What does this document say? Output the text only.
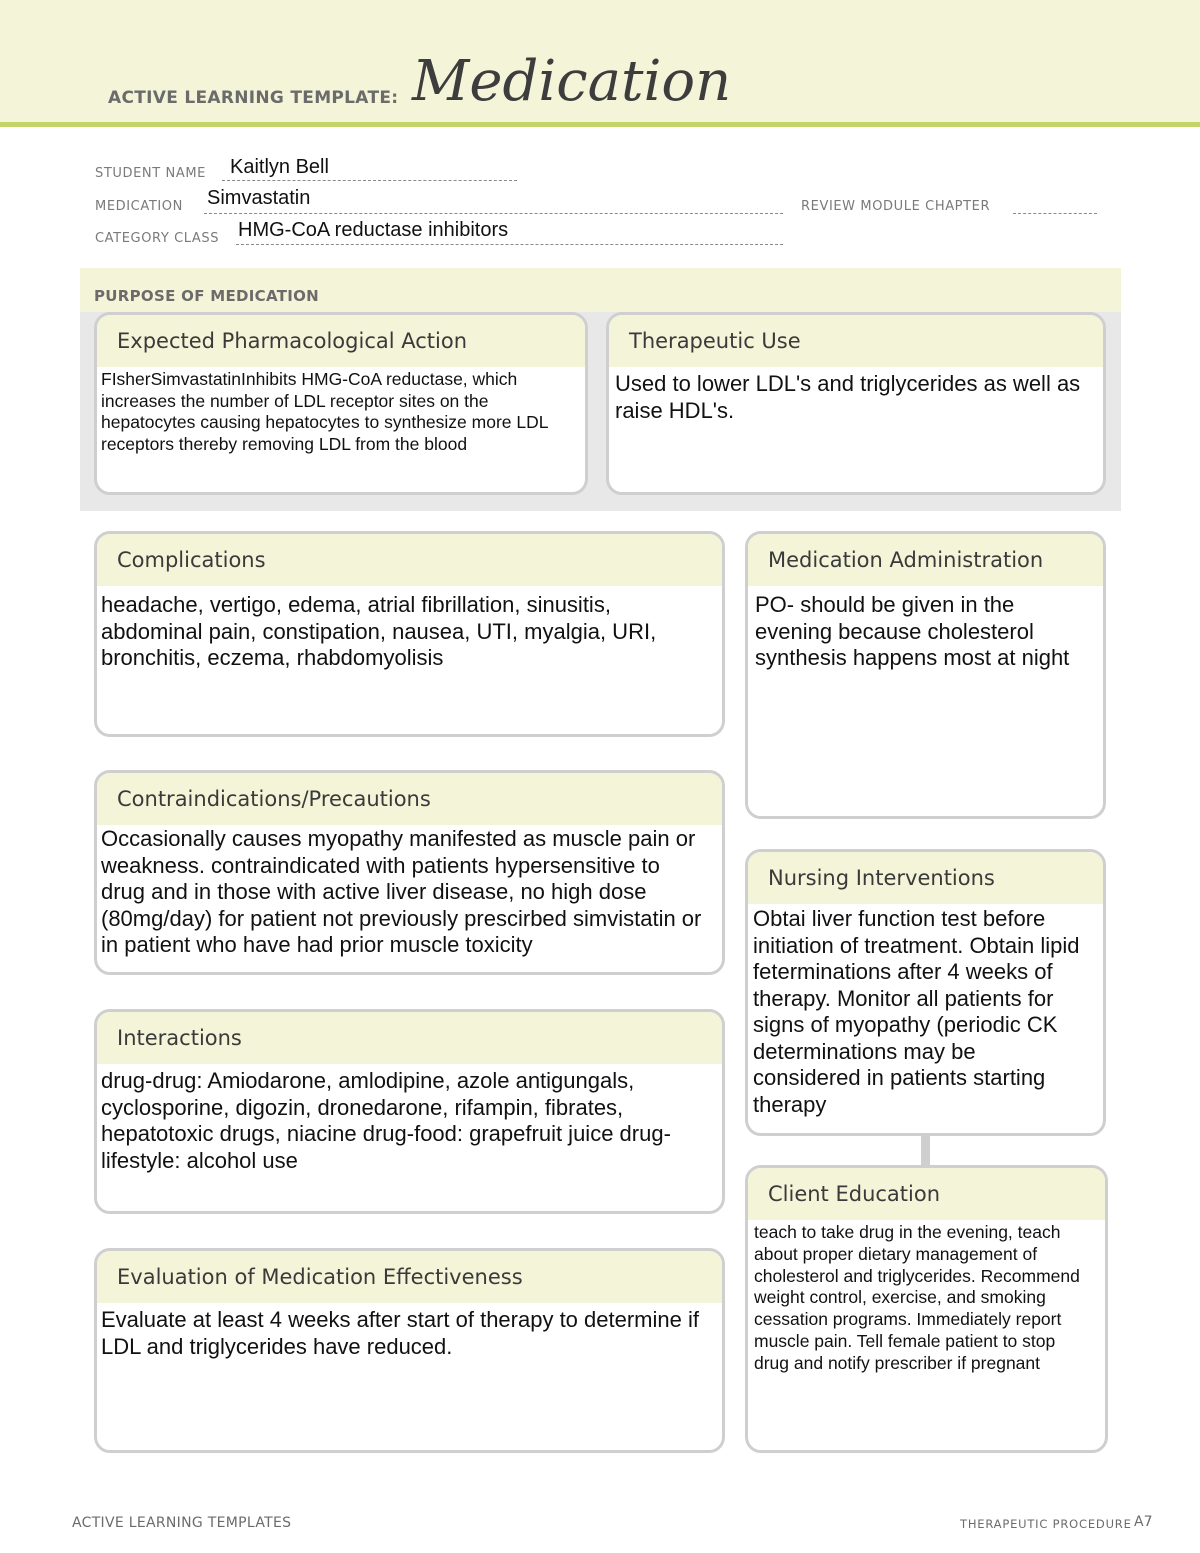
ACTIVE LEARNING TEMPLATE: Medication
STUDENT NAME Kaitlyn Bell
MEDICATION Simvastatin	REVIEW MODULE CHAPTER
CATEGORY CLASS HMG-CoA reductase inhibitors
PURPOSE OF MEDICATION
Expected Pharmacological Action
FIsherSimvastatinInhibits HMG-CoA reductase, which increases the number of LDL receptor sites on the hepatocytes causing hepatocytes to synthesize more LDL receptors thereby removing LDL from the blood
Therapeutic Use
Used to lower LDL's and triglycerides as well as raise HDL's.
Complications
headache, vertigo, edema, atrial fibrillation, sinusitis, abdominal pain, constipation, nausea, UTI, myalgia, URI, bronchitis, eczema, rhabdomyolisis
Medication Administration
PO- should be given in the evening because cholesterol synthesis happens most at night
Contraindications/Precautions
Occasionally causes myopathy manifested as muscle pain or weakness. contraindicated with patients hypersensitive to drug and in those with active liver disease, no high dose (80mg/day) for patient not previously prescirbed simvistatin or in patient who have had prior muscle toxicity
Nursing Interventions
Obtai liver function test before initiation of treatment. Obtain lipid feterminations after 4 weeks of therapy. Monitor all patients for signs of myopathy (periodic CK determinations may be considered in patients starting therapy
Interactions
drug-drug: Amiodarone, amlodipine, azole antigungals, cyclosporine, digozin, dronedarone, rifampin, fibrates, hepatotoxic drugs, niacine drug-food: grapefruit juice drug-lifestyle: alcohol use
Client Education
teach to take drug in the evening, teach about proper dietary management of cholesterol and triglycerides. Recommend weight control, exercise, and smoking cessation programs. Immediately report muscle pain. Tell female patient to stop drug and notify prescriber if pregnant
Evaluation of Medication Effectiveness
Evaluate at least 4 weeks after start of therapy to determine if LDL and triglycerides have reduced.
ACTIVE LEARNING TEMPLATES	THERAPEUTIC PROCEDURE A7
